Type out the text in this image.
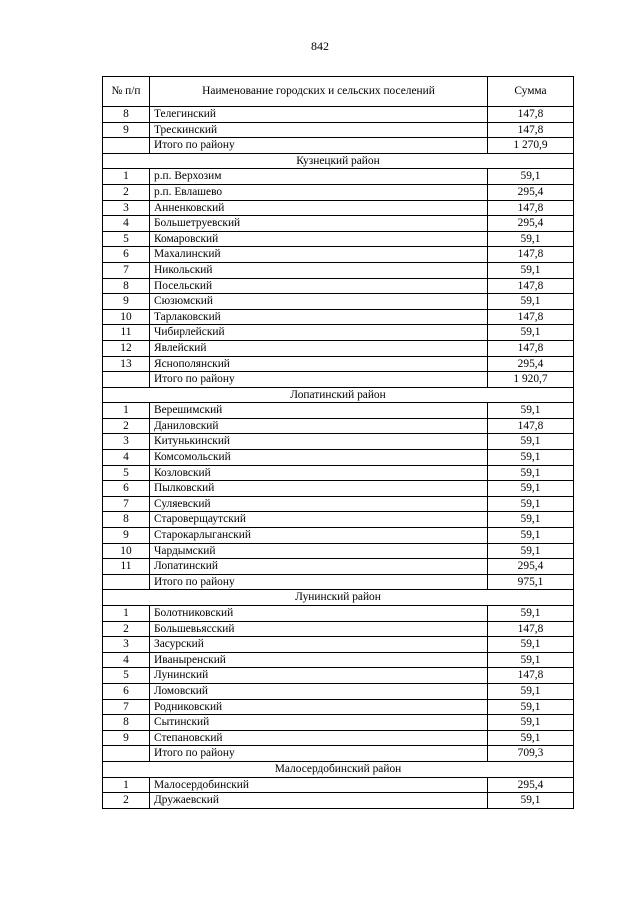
842
№ п/п	Наименование городских и сельских поселений	Сумма
8	Телегинский	147,8
9	Трескинский	147,8
	Итого по району	1 270,9
Кузнецкий район		
1	р.п. Верхозим	59,1
2	р.п. Евлашево	295,4
3	Анненковский	147,8
4	Большетруевский	295,4
5	Комаровский	59,1
6	Махалинский	147,8
7	Никольский	59,1
8	Посельский	147,8
9	Сюзюмский	59,1
10	Тарлаковский	147,8
11	Чибирлейский	59,1
12	Явлейский	147,8
13	Яснополянский	295,4
	Итого по району	1 920,7
Лопатинский район		
1	Верешимский	59,1
2	Даниловский	147,8
3	Китунькинский	59,1
4	Комсомольский	59,1
5	Козловский	59,1
6	Пылковский	59,1
7	Суляевский	59,1
8	Староверщаутский	59,1
9	Старокарлыганский	59,1
10	Чардымский	59,1
11	Лопатинский	295,4
	Итого по району	975,1
Лунинский район		
1	Болотниковский	59,1
2	Большевьясский	147,8
3	Засурский	59,1
4	Иваныренский	59,1
5	Лунинский	147,8
6	Ломовский	59,1
7	Родниковский	59,1
8	Сытинский	59,1
9	Степановский	59,1
	Итого по району	709,3
Малосердобинский район		
1	Малосердобинский	295,4
2	Дружаевский	59,1
